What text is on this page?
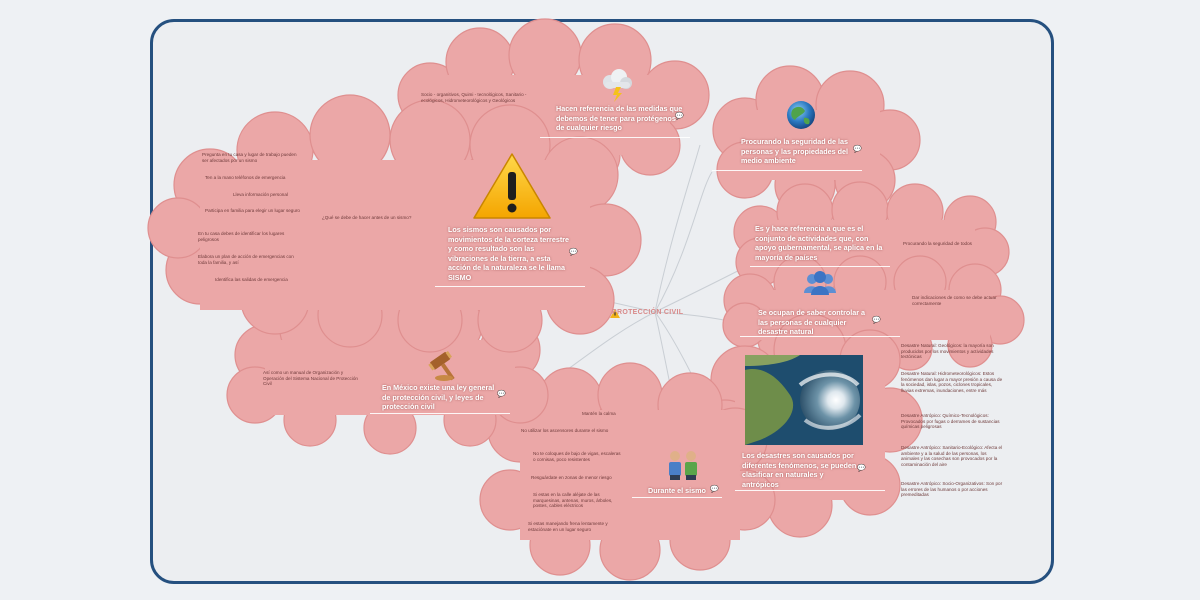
PROTECCIÓN CIVIL
Hacen referencia de las medidas que debemos de tener para protégenos de cualquier riesgo
Socio - organitivos, Quimi - tecnológicos, Sanitario - ecológicos, Hidrometeorológicos y Geológicos
Procurando la seguridad de las personas y las propiedades del medio ambiente
Es y hace referencia a que es el conjunto de actividades que, con apoyo gubernamental, se aplica en la mayoría de países
Procurando la seguridad de todos
Se ocupan de saber controlar a las personas de cualquier desastre natural
Dar indicaciones de como se debe actuar correctamente
Los desastres son causados por diferentes fenómenos, se pueden clasificar en naturales y antrópicos
Desastre Natural: Geológicos: la mayoría son producidos por los movimientos y actividades tectónicas
Desastre Natural: Hidrometeorológicos: Estos fenómenos dan lugar a mayor presión a causa de la sociedad, islas, pozos, ciclones tropicales, lluvias extremas, inundaciones, entre más
Desastre Antrópico: Químico-Tecnológicos: Provocados por fugas o derrames de sustancias químicas peligrosas
Desastre Antrópico: Sanitario-Ecológico: Afecta el ambiente y a la salud de las personas, los animales y las cosechas son provocados por la contaminación del aire
Desastre Antrópico: Socio-Organizativos: Son por las errores de las humanos o por acciones premeditadas
Durante el sismo
Mantén la calma
No utilizar los ascensores durante el sismo
No te coloques de bajo de vigas, escaleras o cornisas, poco resistentes
Resguárdate en zonas de menor riesgo
Si estas en la calle aléjate de las marquesinas, antenas, muros, árboles, postes, cables eléctricos
Si estas manejando frena lentamente y estaciónate en un lugar seguro
En México existe una ley general de protección civil, y leyes de protección civil
Así como un manual de Organización y Operación del Sistema Nacional de Protección Civil
Los sismos son causados por movimientos de la corteza terrestre y como resultado son las vibraciones de la tierra, a esta acción de la naturaleza se le llama SISMO
¿Qué se debe de hacer antes de un sismo?
Pregunta en tu casa y lugar de trabajo pueden ser afectados por un sismo
Ten a la mano teléfonos de emergencia
Lleva información personal
Participa en familia para elegir un lugar seguro
En tu casa debes de identificar los lugares peligrosos
Elabora un plan de acción de emergencias con toda la familia, y así
Identifica las salidas de emergencia
💬
💬
💬
💬
💬
💬
💬
